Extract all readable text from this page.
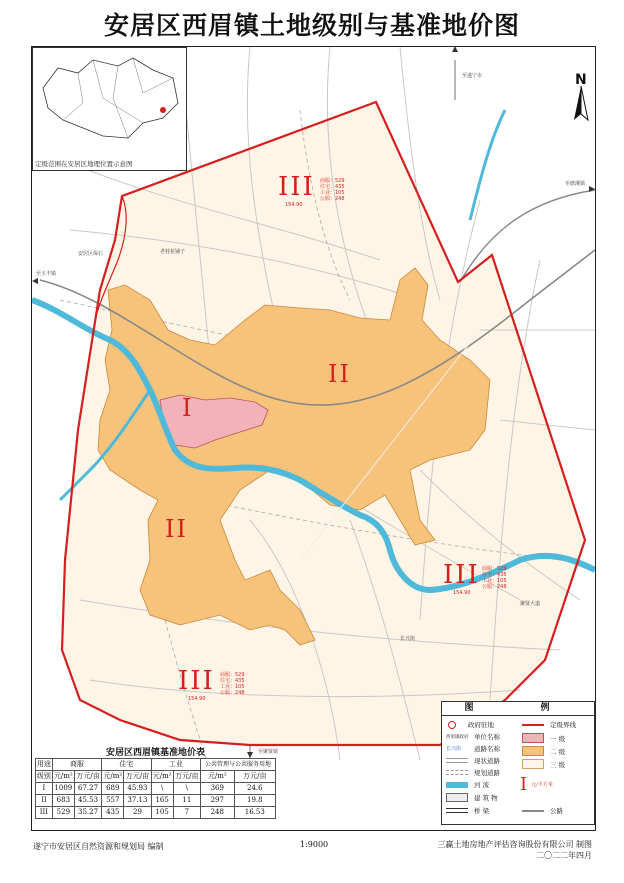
安居区西眉镇土地级别与基准地价图
III 商服：529
住宅：435
工业：105
公服：248
154.90
I
II
II
III 商服：529
住宅：435
工业：105
公服：248
154.90
III 商服：529
住宅：435
工业：105
公服：248
154.90
至遂宁市
至磨溪镇
老桂花铺子
至玉丰镇
安居区保石
至聚贤镇
长兴街
聚贤大道
定级范围在安居区地理位置示意图
N
图	例
政府驻地
西眉镇政府 单位名称
长兴街	道路名称
现状道路
规划道路
河 流
建 筑 物
桥 梁
定级界线
一 级
二 级
三 级
I 元/平方米
公路
安居区西眉镇基准地价表
用途	商服		住宅		工业		公共管理与公共服务用地	
级别	元/m²	万元/亩	元/m²	万元/亩	元/m²	万元/亩	元/m²	万元/亩
I	1009	67.27	689	45.93	\	\	369	24.6
II	683	45.53	557	37.13	165	11	297	19.8
III	529	35.27	435	29	105	7	248	16.53
遂宁市安居区自然资源和规划局 编制	1:9000	三赢土地房地产评估咨询股份有限公司 制图
二〇二二年四月
